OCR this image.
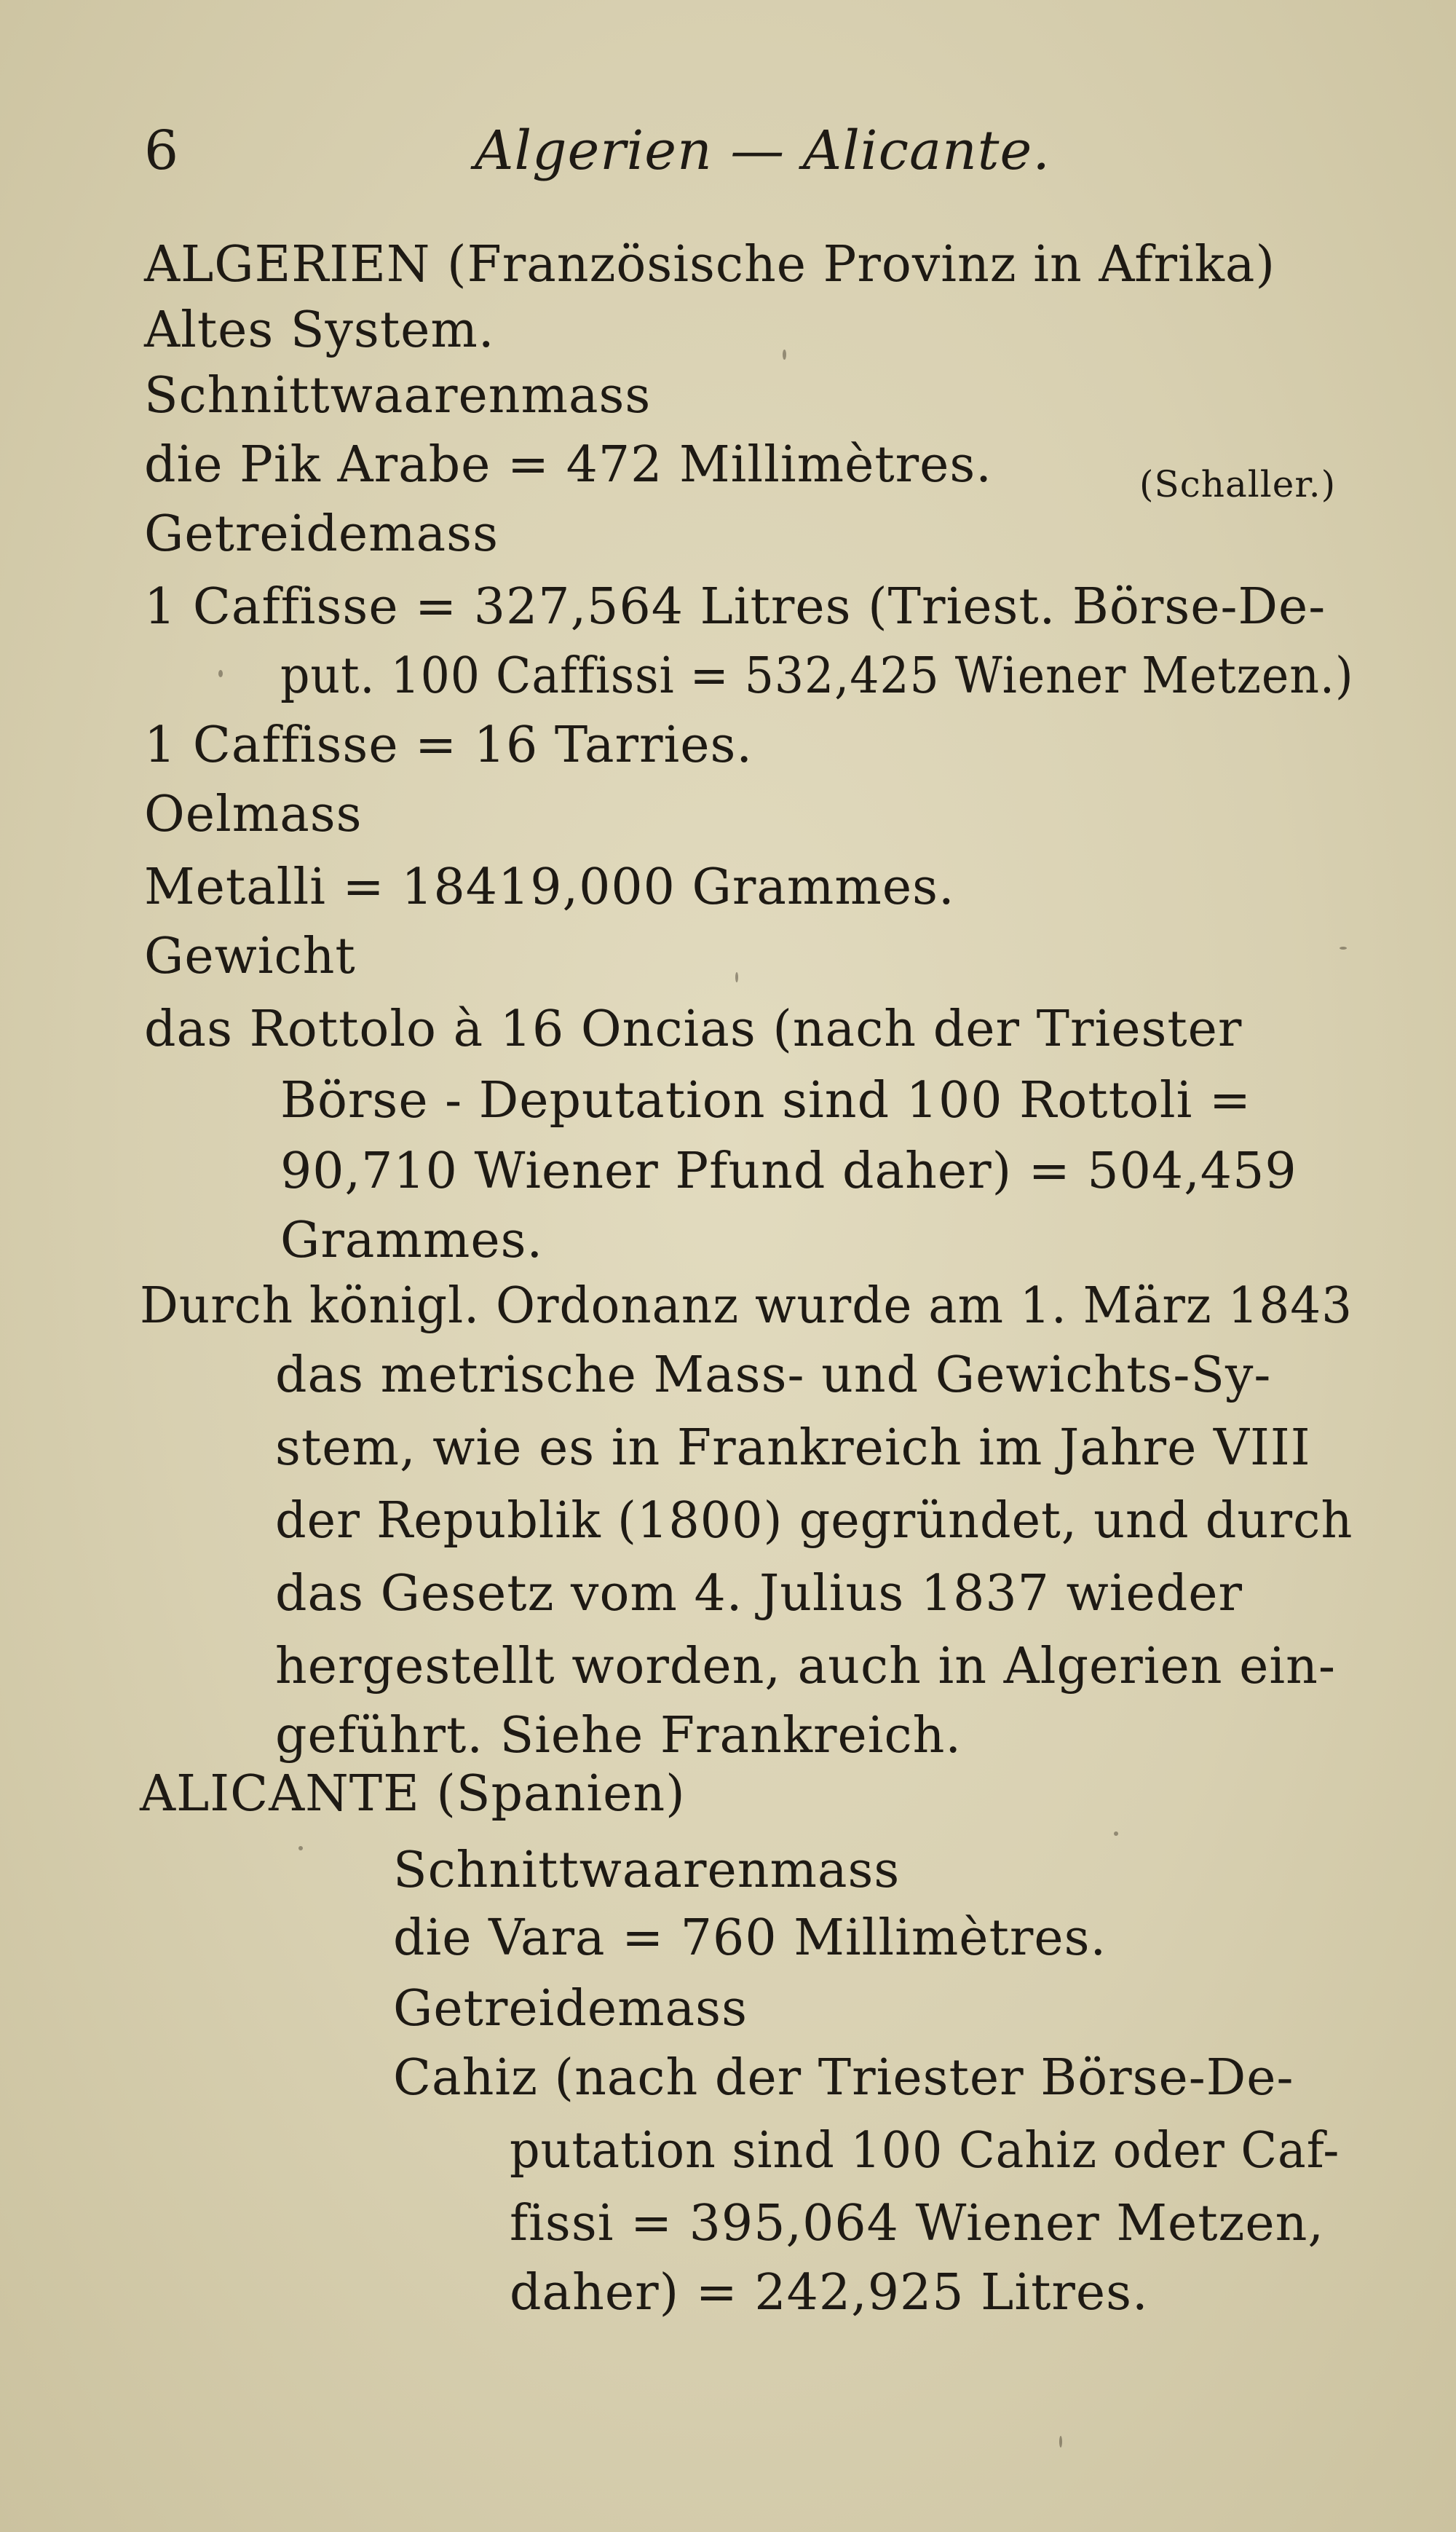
6	Algerien — Alicante.
ALGERIEN (Französische Provinz in Afrika)
Altes System.
Schnittwaarenmass
die Pik Arabe = 472 Millimètres.	(Schaller.)
Getreidemass
1 Caffisse = 327,564 Litres (Triest. Börse-De-
put. 100 Caffissi = 532,425 Wiener Metzen.)
1 Caffisse = 16 Tarries.
Oelmass
Metalli = 18419,000 Grammes.
Gewicht
das Rottolo à 16 Oncias (nach der Triester
Börse - Deputation sind 100 Rottoli =
90,710 Wiener Pfund daher) = 504,459
Grammes.
Durch königl. Ordonanz wurde am 1. März 1843
das metrische Mass- und Gewichts-Sy-
stem, wie es in Frankreich im Jahre VIII
der Republik (1800) gegründet, und durch
das Gesetz vom 4. Julius 1837 wieder
hergestellt worden, auch in Algerien ein-
geführt. Siehe Frankreich.
ALICANTE (Spanien)
Schnittwaarenmass
die Vara = 760 Millimètres.
Getreidemass
Cahiz (nach der Triester Börse-De-
putation sind 100 Cahiz oder Caf-
fissi = 395,064 Wiener Metzen,
daher) = 242,925 Litres.
